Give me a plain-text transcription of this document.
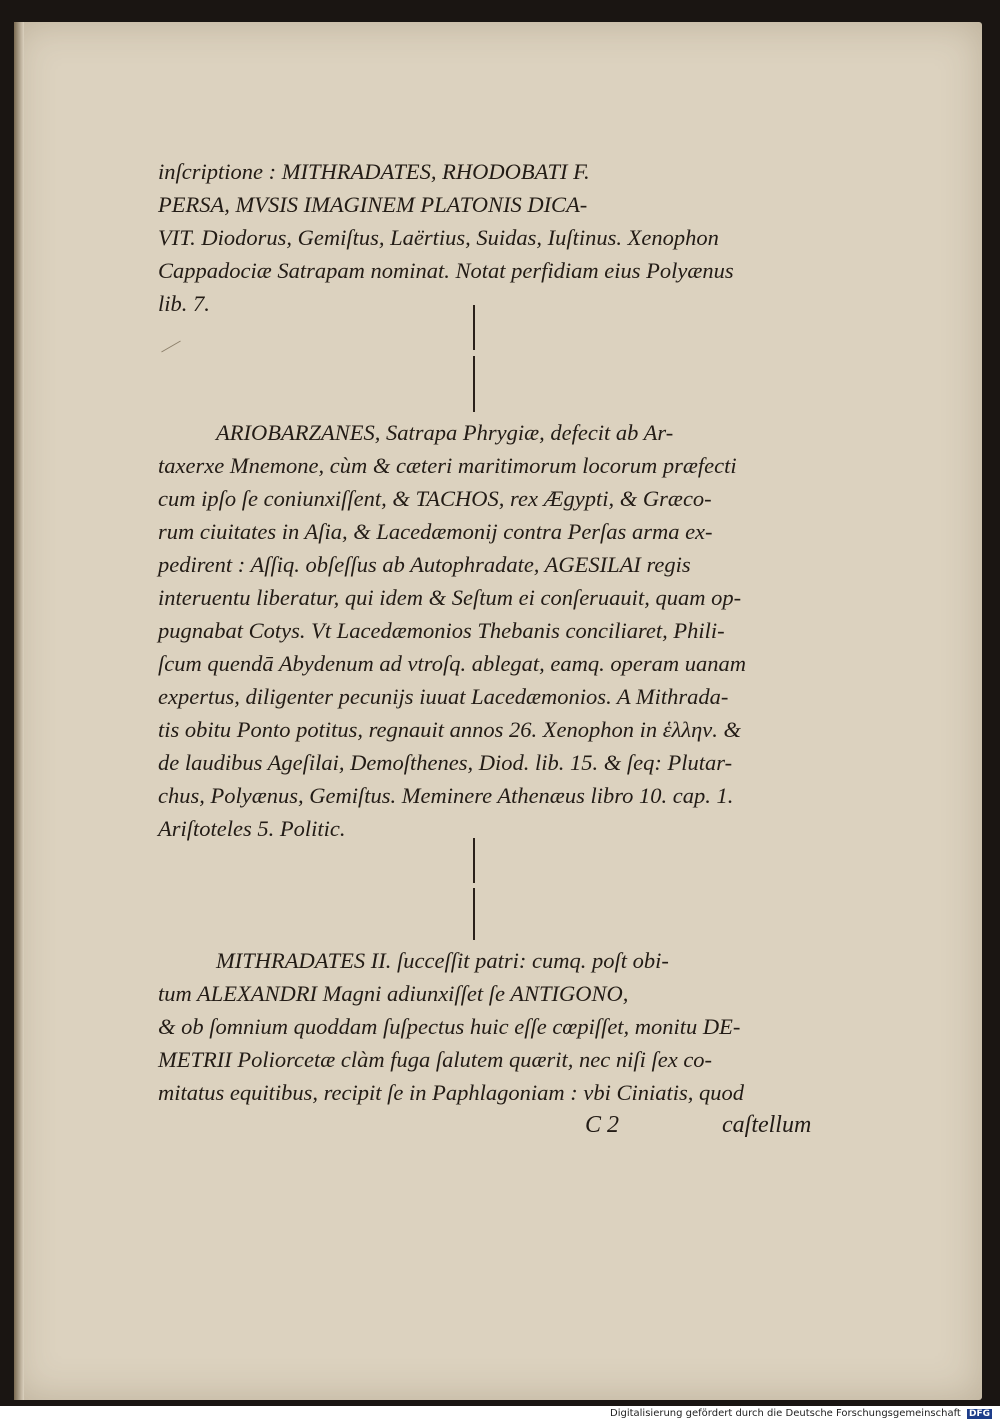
inſcriptione : MITHRADATES, RHODOBATI F.
PERSA, MVSIS IMAGINEM PLATONIS DICA-
VIT. Diodorus, Gemiſtus, Laërtius, Suidas, Iuſtinus. Xenophon
Cappadociæ Satrapam nominat. Notat perfidiam eius Polyænus
lib. 7.
ARIOBARZANES, Satrapa Phrygiæ, defecit ab Ar-
taxerxe Mnemone, cùm & cæteri maritimorum locorum præfecti
cum ipſo ſe coniunxiſſent, & TACHOS, rex Ægypti, & Græco-
rum ciuitates in Aſia, & Lacedæmonij contra Perſas arma ex-
pedirent : Aſſiq. obſeſſus ab Autophradate, AGESILAI regis
interuentu liberatur, qui idem & Seſtum ei conſeruauit, quam op-
pugnabat Cotys. Vt Lacedæmonios Thebanis conciliaret, Phili-
ſcum quendā Abydenum ad vtroſq. ablegat, eamq. operam uanam
expertus, diligenter pecunijs iuuat Lacedæmonios. A Mithrada-
tis obitu Ponto potitus, regnauit annos 26. Xenophon in ἑλλην. &
de laudibus Ageſilai, Demoſthenes, Diod. lib. 15. & ſeq: Plutar-
chus, Polyænus, Gemiſtus. Meminere Athenæus libro 10. cap. 1.
Ariſtoteles 5. Politic.
MITHRADATES II. ſucceſſit patri: cumq. poſt obi-
tum ALEXANDRI Magni adiunxiſſet ſe ANTIGONO,
& ob ſomnium quoddam ſuſpectus huic eſſe cœpiſſet, monitu DE-
METRII Poliorcetæ clàm fuga ſalutem quærit, nec niſi ſex co-
mitatus equitibus, recipit ſe in Paphlagoniam : vbi Ciniatis, quod
C 2	caſtellum
Digitalisierung gefördert durch die Deutsche Forschungsgemeinschaft DFG
